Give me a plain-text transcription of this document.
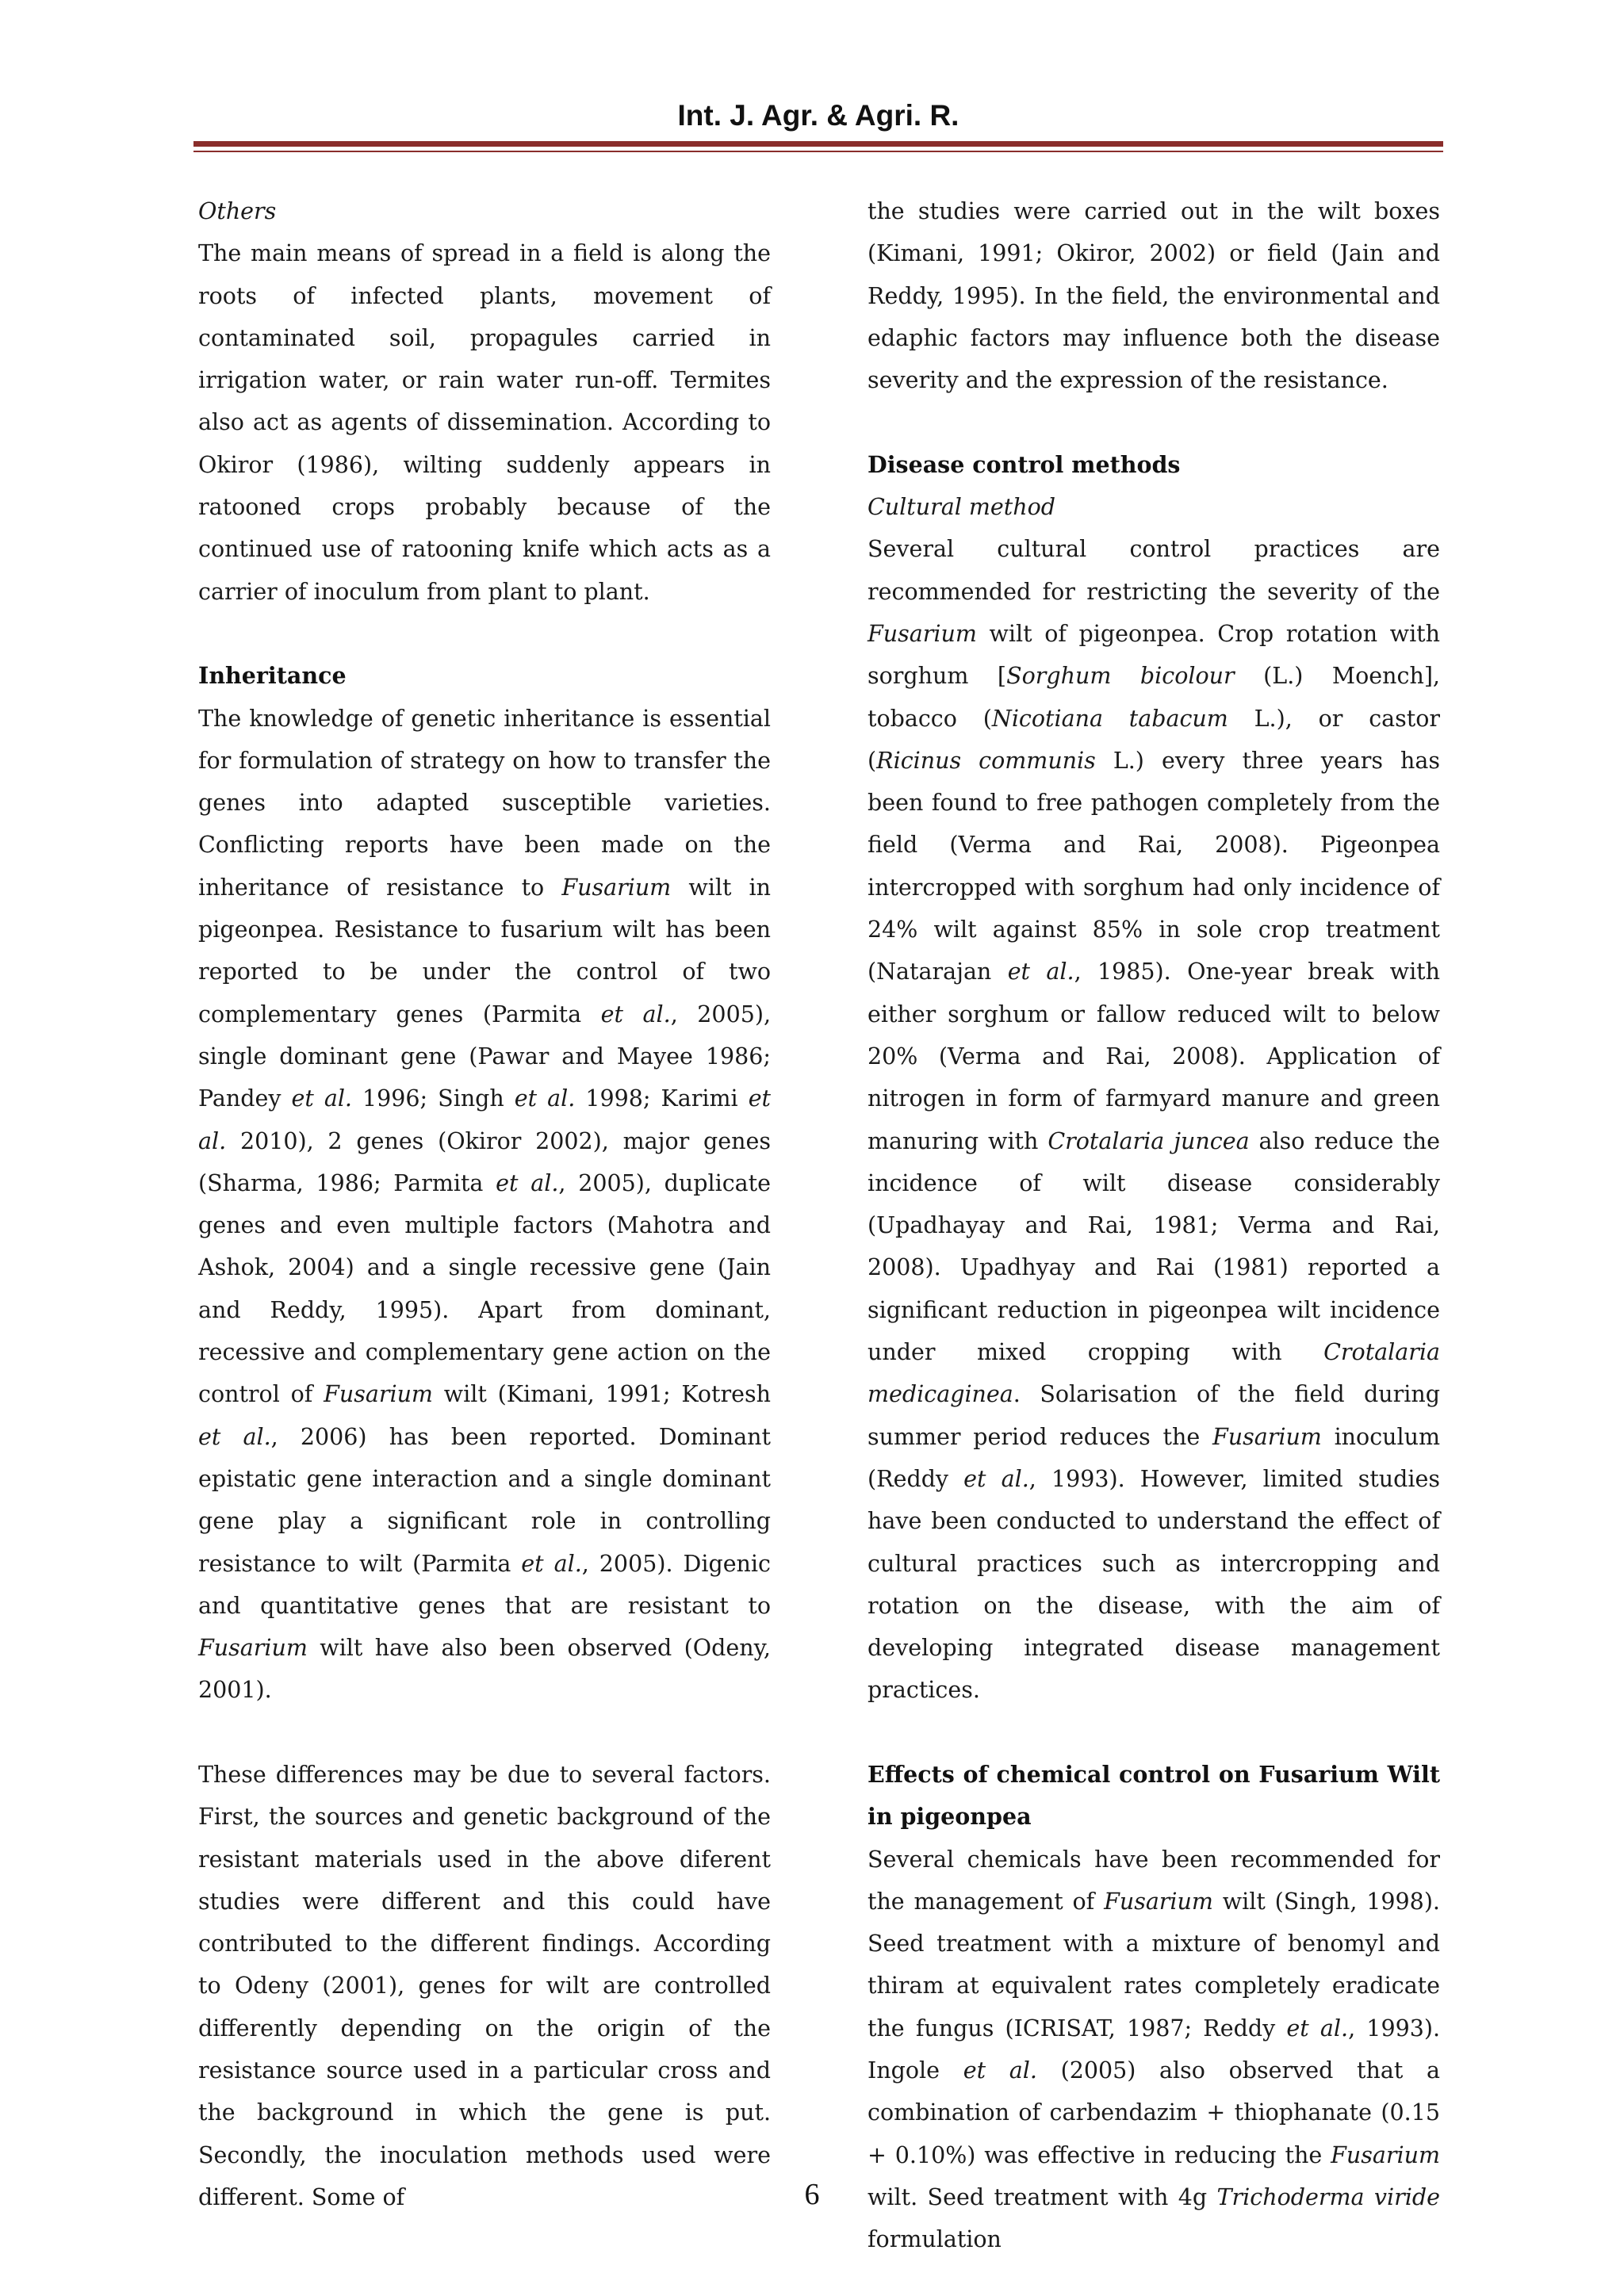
Int. J. Agr. & Agri. R.

Others

The main means of spread in a field is along the roots of infected plants, movement of contaminated soil, propagules carried in irrigation water, or rain water run-off. Termites also act as agents of dissemination. According to Okiror (1986), wilting suddenly appears in ratooned crops probably because of the continued use of ratooning knife which acts as a carrier of inoculum from plant to plant.

Inheritance

The knowledge of genetic inheritance is essential for formulation of strategy on how to transfer the genes into adapted susceptible varieties. Conflicting reports have been made on the inheritance of resistance to Fusarium wilt in pigeonpea. Resistance to fusarium wilt has been reported to be under the control of two complementary genes (Parmita et al., 2005), single dominant gene (Pawar and Mayee 1986; Pandey et al. 1996; Singh et al. 1998; Karimi et al. 2010), 2 genes (Okiror 2002), major genes (Sharma, 1986; Parmita et al., 2005), duplicate genes and even multiple factors (Mahotra and Ashok, 2004) and a single recessive gene (Jain and Reddy, 1995). Apart from dominant, recessive and complementary gene action on the control of Fusarium wilt (Kimani, 1991; Kotresh et al., 2006) has been reported. Dominant epistatic gene interaction and a single dominant gene play a significant role in controlling resistance to wilt (Parmita et al., 2005). Digenic and quantitative genes that are resistant to Fusarium wilt have also been observed (Odeny, 2001).

These differences may be due to several factors. First, the sources and genetic background of the resistant materials used in the above diferent studies were different and this could have contributed to the different findings. According to Odeny (2001), genes for wilt are controlled differently depending on the origin of the resistance source used in a particular cross and the background in which the gene is put. Secondly, the inoculation methods used were different. Some of

the studies were carried out in the wilt boxes (Kimani, 1991; Okiror, 2002) or field (Jain and Reddy, 1995). In the field, the environmental and edaphic factors may influence both the disease severity and the expression of the resistance.

Disease control methods

Cultural method

Several cultural control practices are recommended for restricting the severity of the Fusarium wilt of pigeonpea. Crop rotation with sorghum [Sorghum bicolour (L.) Moench], tobacco (Nicotiana tabacum L.), or castor (Ricinus communis L.) every three years has been found to free pathogen completely from the field (Verma and Rai, 2008). Pigeonpea intercropped with sorghum had only incidence of 24% wilt against 85% in sole crop treatment (Natarajan et al., 1985). One-year break with either sorghum or fallow reduced wilt to below 20% (Verma and Rai, 2008). Application of nitrogen in form of farmyard manure and green manuring with Crotalaria juncea also reduce the incidence of wilt disease considerably (Upadhayay and Rai, 1981; Verma and Rai, 2008). Upadhyay and Rai (1981) reported a significant reduction in pigeonpea wilt incidence under mixed cropping with Crotalaria medicaginea. Solarisation of the field during summer period reduces the Fusarium inoculum (Reddy et al., 1993). However, limited studies have been conducted to understand the effect of cultural practices such as intercropping and rotation on the disease, with the aim of developing integrated disease management practices.

Effects of chemical control on Fusarium Wilt in pigeonpea

Several chemicals have been recommended for the management of Fusarium wilt (Singh, 1998). Seed treatment with a mixture of benomyl and thiram at equivalent rates completely eradicate the fungus (ICRISAT, 1987; Reddy et al., 1993). Ingole et al. (2005) also observed that a combination of carbendazim + thiophanate (0.15 + 0.10%) was effective in reducing the Fusarium wilt. Seed treatment with 4g Trichoderma viride formulation

6
